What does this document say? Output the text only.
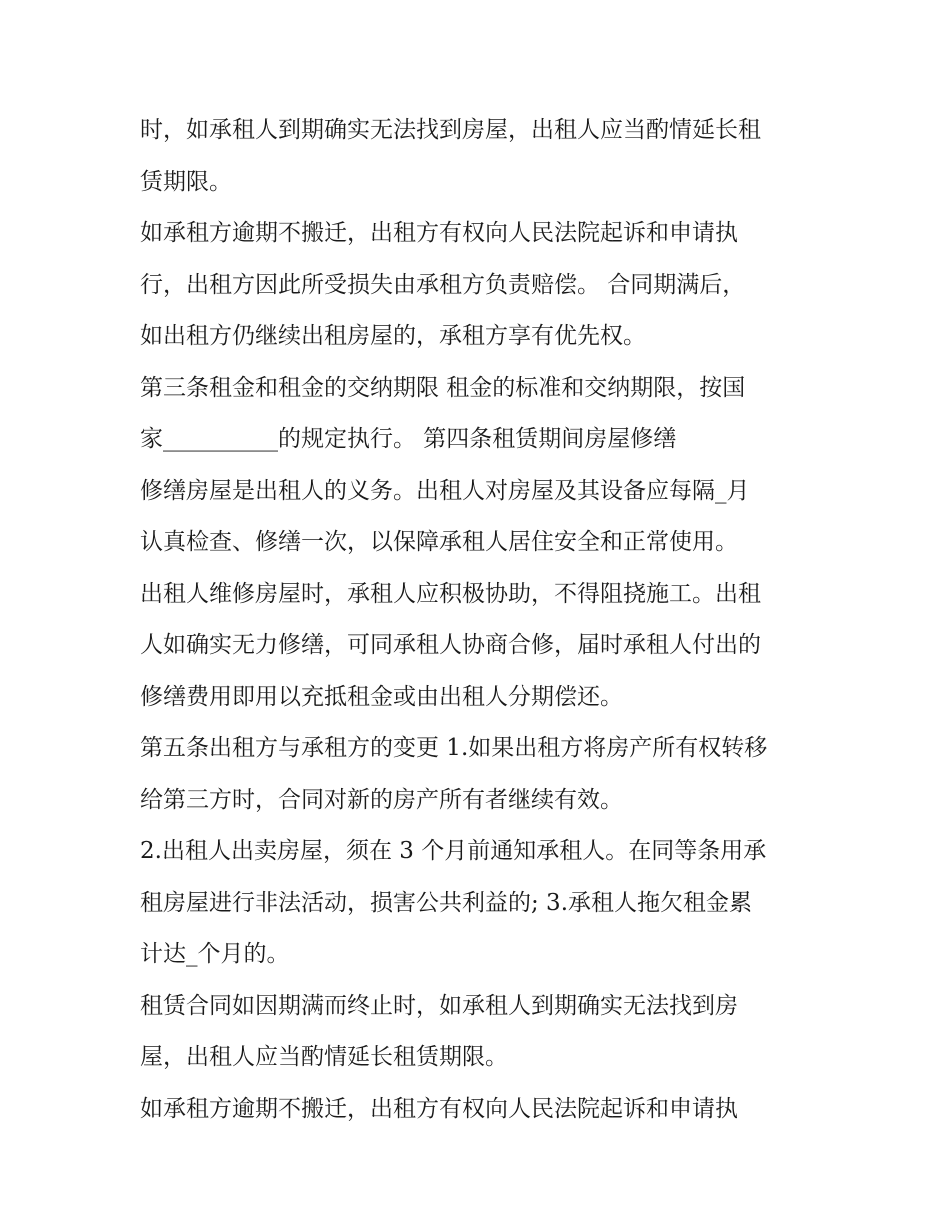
时，如承租人到期确实无法找到房屋，出租人应当酌情延长租
赁期限。
如承租方逾期不搬迁，出租方有权向人民法院起诉和申请执
行，出租方因此所受损失由承租方负责赔偿。 合同期满后，
如出租方仍继续出租房屋的，承租方享有优先权。
第三条租金和租金的交纳期限 租金的标准和交纳期限，按国
家__________的规定执行。 第四条租赁期间房屋修缮
修缮房屋是出租人的义务。出租人对房屋及其设备应每隔_月
认真检查、修缮一次，以保障承租人居住安全和正常使用。
出租人维修房屋时，承租人应积极协助，不得阻挠施工。出租
人如确实无力修缮，可同承租人协商合修，届时承租人付出的
修缮费用即用以充抵租金或由出租人分期偿还。
第五条出租方与承租方的变更 1.如果出租方将房产所有权转移
给第三方时，合同对新的房产所有者继续有效。
2.出租人出卖房屋，须在 3 个月前通知承租人。在同等条用承
租房屋进行非法活动，损害公共利益的; 3.承租人拖欠租金累
计达_个月的。
租赁合同如因期满而终止时，如承租人到期确实无法找到房
屋，出租人应当酌情延长租赁期限。
如承租方逾期不搬迁，出租方有权向人民法院起诉和申请执
